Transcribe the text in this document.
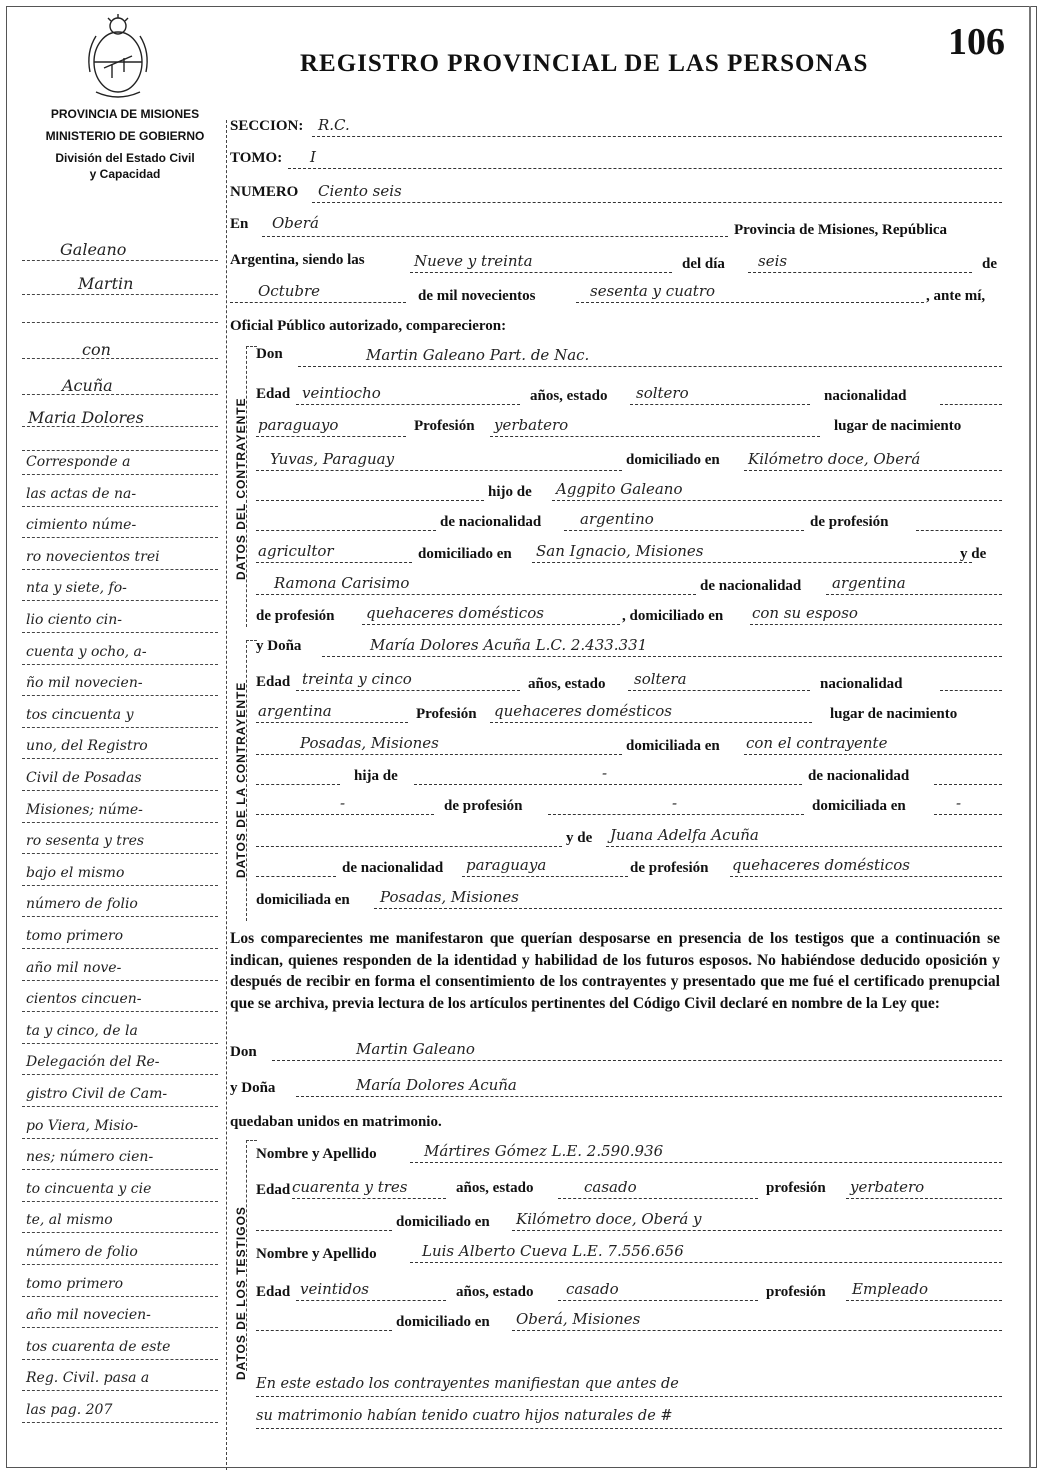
REGISTRO PROVINCIAL DE LAS PERSONAS
106
PROVINCIA DE MISIONES
MINISTERIO DE GOBIERNO
División del Estado Civil
y Capacidad
Galeano
Martin
con
Acuña
Maria Dolores
Corresponde a
las actas de na-
cimiento núme-
ro novecientos trei
nta y siete, fo-
lio ciento cin-
cuenta y ocho, a-
ño mil novecien-
tos cincuenta y
uno, del Registro
Civil de Posadas
Misiones; núme-
ro sesenta y tres
bajo el mismo
número de folio
tomo primero
año mil nove-
cientos cincuen-
ta y cinco, de la
Delegación del Re-
gistro Civil de Cam-
po Viera, Misio-
nes; número cien-
to cincuenta y cie
te, al mismo
número de folio
tomo primero
año mil novecien-
tos cuarenta de este
Reg. Civil. pasa a
las pag. 207
SECCION: R.C.
TOMO: I
NUMERO Ciento seis
En Oberá	Provincia de Misiones, República
Argentina, siendo las	Nueve y treinta	del día seis	de
Octubre	de mil novecientos	sesenta y cuatro	, ante mí,
Oficial Público autorizado, comparecieron:
DATOS DEL CONTRAYENTE
Don	Martin Galeano Part. de Nac.
Edad veintiocho	años, estado soltero	nacionalidad
paraguayo	Profesión yerbatero	lugar de nacimiento
Yuvas, Paraguay	domiciliado en Kilómetro doce, Oberá
hijo de Aggpito Galeano
de nacionalidad	argentino	de profesión
agricultor	domiciliado en San Ignacio, Misiones	y de
Ramona Carisimo	de nacionalidad argentina
de profesión quehaceres domésticos	, domiciliado en con su esposo
DATOS DE LA CONTRAYENTE
y Doña	María Dolores Acuña L.C. 2.433.331
Edad treinta y cinco	años, estado soltera	nacionalidad
argentina	Profesión quehaceres domésticos	lugar de nacimiento
Posadas, Misiones	domiciliada en con el contrayente
hija de	-	de nacionalidad
-	de profesión	-	domiciliada en	-
y de Juana Adelfa Acuña
de nacionalidad paraguaya	de profesión quehaceres domésticos
domiciliada en Posadas, Misiones
Los comparecientes me manifestaron que querían desposarse en presencia de los testigos que a continuación se indican, quienes responden de la identidad y habilidad de los futuros esposos. No habiéndose deducido oposición y después de recibir en forma el consentimiento de los contrayentes y presentado que me fué el certificado prenupcial que se archiva, previa lectura de los artículos pertinentes del Código Civil declaré en nombre de la Ley que:
Don	Martin Galeano
y Doña	María Dolores Acuña
quedaban unidos en matrimonio.
DATOS DE LOS TESTIGOS
Nombre y Apellido	Mártires Gómez L.E. 2.590.936
Edad cuarenta y tres	años, estado	casado	profesión yerbatero
domiciliado en Kilómetro doce, Oberá y
Nombre y Apellido	Luis Alberto Cueva L.E. 7.556.656
Edad veintidos	años, estado casado	profesión Empleado
domiciliado en Oberá, Misiones
En este estado los contrayentes manifiestan que antes de
su matrimonio habían tenido cuatro hijos naturales de #
